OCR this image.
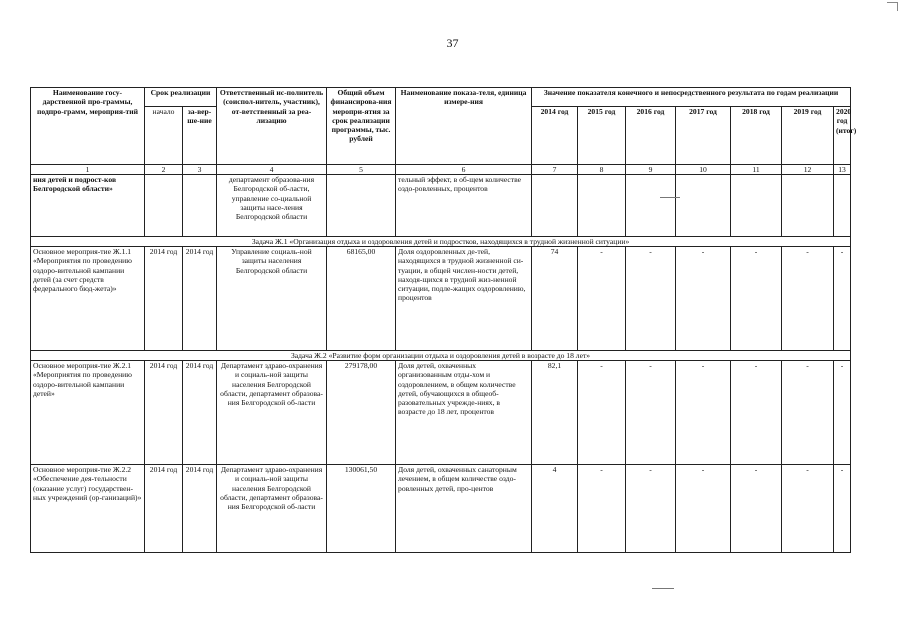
37
Наименование госу-дарственной про-граммы, подпро-грамм, мероприя-тий	Срок реализации		Ответственный ис-полнитель (соиспол-нитель, участник), от-ветственный за реа-лизацию	Общий объем финансирова-ния меропри-ятия за срок реализации программы, тыс. рублей	Наименование показа-теля, единица измере-ния	Значение показателя конечного и непосредственного результата по годам реализации						
	начало	за-вер-ше-ние				2014 год	2015 год	2016 год	2017 год	2018 год	2019 год	2020 год (итог)
1	2	3	4	5	6	7	8	9	10	11	12	13
ния детей и подрост-ков Белгородской области»			департамент образова-ния Белгородской об-ласти, управление со-циальной защиты насе-ления Белгородской области		тельный эффект, в об-щем количестве оздо-ровленных, процентов							
Задача Ж.1 «Организация отдыха и оздоровления детей и подростков, находящихся в трудной жизненной ситуации»												
Основное мероприя-тие Ж.1.1 «Мероприятия по проведению оздоро-вительной кампании детей (за счет средств федерального бюд-жета)»	2014 год	2014 год	Управление социаль-ной защиты населения Белгородской области	68165,00	Доля оздоровленных де-тей, находящихся в трудной жизненной си-туации, в общей числен-ности детей, находя-щихся в трудной жиз-ненной ситуации, подле-жащих оздоровлению, процентов	74	-	-	-	-	-	-
Задача Ж.2 «Развитие форм организации отдыха и оздоровления детей в возрасте до 18 лет»												
Основное мероприя-тие Ж.2.1 «Мероприятия по проведению оздоро-вительной кампании детей»	2014 год	2014 год	Департамент здраво-охранения и социаль-ной защиты населения Белгородской области, департамент образова-ния Белгородской об-ласти	279178,00	Доля детей, охваченных организованным отды-хом и оздоровлением, в общем количестве детей, обучающихся в общеоб-разовательных учрежде-ниях, в возрасте до 18 лет, процентов	82,1	-	-	-	-	-	-
Основное мероприя-тие Ж.2.2 «Обеспечение дея-тельности (оказание услуг) государствен-ных учреждений (ор-ганизаций)»	2014 год	2014 год	Департамент здраво-охранения и социаль-ной защиты населения Белгородской области, департамент образова-ния Белгородской об-ласти	130061,50	Доля детей, охваченных санаторным лечением, в общем количестве оздо-ровленных детей, про-центов	4	-	-	-	-	-	-
